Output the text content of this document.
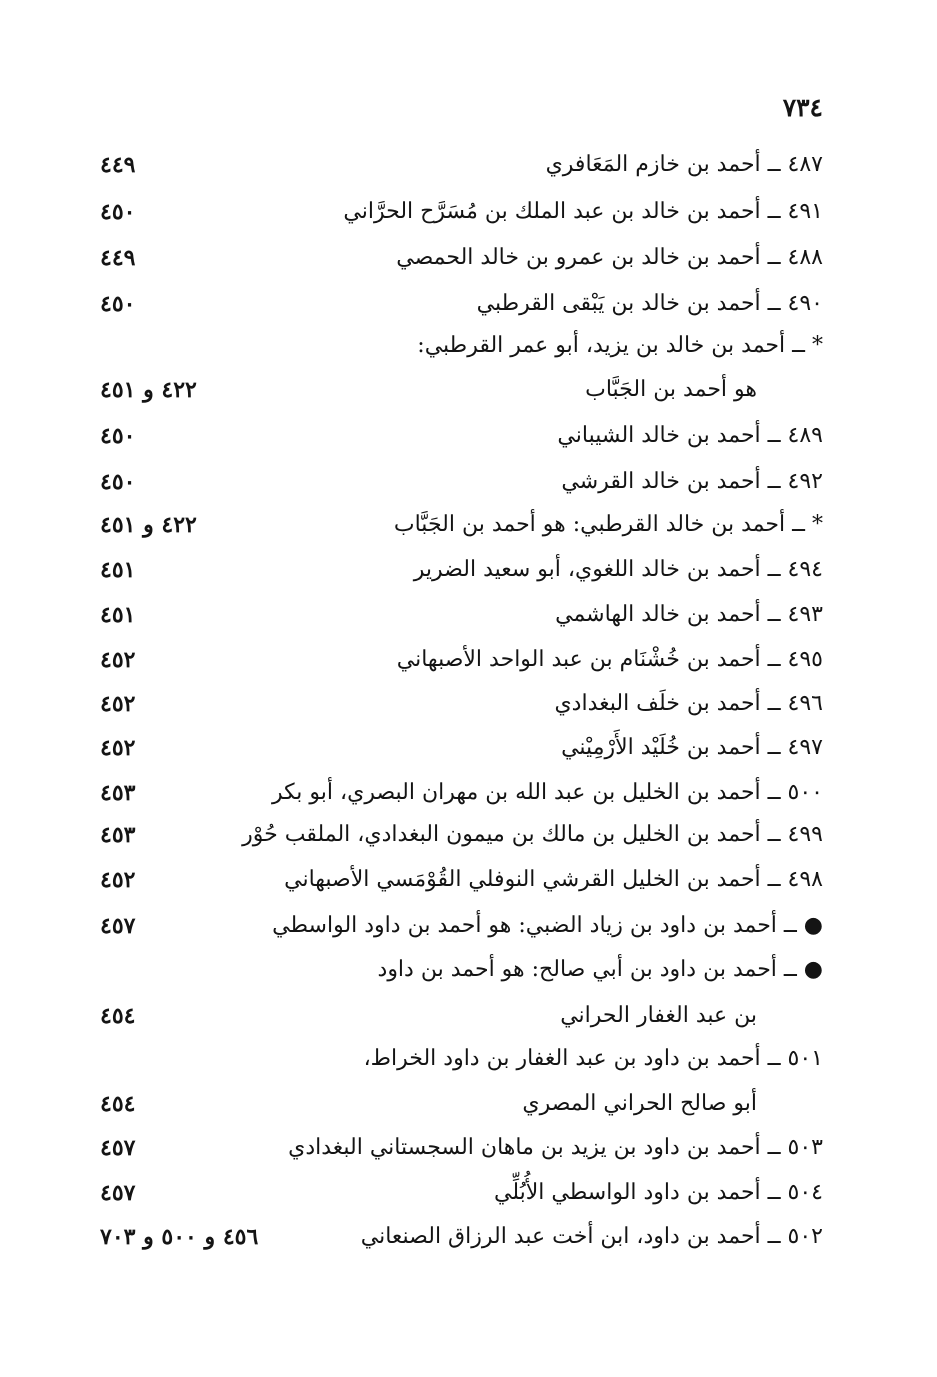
٧٣٤
٤٨٧ ــ أحمد بن خازم المَعَافري
٤٤٩
٤٩١ ــ أحمد بن خالد بن عبد الملك بن مُسَرَّح الحرَّاني
٤٥٠
٤٨٨ ــ أحمد بن خالد بن عمرو بن خالد الحمصي
٤٤٩
٤٩٠ ــ أحمد بن خالد بن يَبْقى القرطبي
٤٥٠
* ــ أحمد بن خالد بن يزيد، أبو عمر القرطبي:
هو أحمد بن الجَبَّاب
٤٢٢ و ٤٥١
٤٨٩ ــ أحمد بن خالد الشيباني
٤٥٠
٤٩٢ ــ أحمد بن خالد القرشي
٤٥٠
* ــ أحمد بن خالد القرطبي: هو أحمد بن الجَبَّاب
٤٢٢ و ٤٥١
٤٩٤ ــ أحمد بن خالد اللغوي، أبو سعيد الضرير
٤٥١
٤٩٣ ــ أحمد بن خالد الهاشمي
٤٥١
٤٩٥ ــ أحمد بن خُشْنَام بن عبد الواحد الأصبهاني
٤٥٢
٤٩٦ ــ أحمد بن خلَف البغدادي
٤٥٢
٤٩٧ ــ أحمد بن خُلَيْد الأَرْمِيْني
٤٥٢
٥٠٠ ــ أحمد بن الخليل بن عبد الله بن مهران البصري، أبو بكر
٤٥٣
٤٩٩ ــ أحمد بن الخليل بن مالك بن ميمون البغدادي، الملقب حُوْر
٤٥٣
٤٩٨ ــ أحمد بن الخليل القرشي النوفلي القُوْمَسي الأصبهاني
٤٥٢
● ــ أحمد بن داود بن زياد الضبي: هو أحمد بن داود الواسطي
٤٥٧
● ــ أحمد بن داود بن أبي صالح: هو أحمد بن داود
بن عبد الغفار الحراني
٤٥٤
٥٠١ ــ أحمد بن داود بن عبد الغفار بن داود الخراط،
أبو صالح الحراني المصري
٤٥٤
٥٠٣ ــ أحمد بن داود بن يزيد بن ماهان السجستاني البغدادي
٤٥٧
٥٠٤ ــ أحمد بن داود الواسطي الأُبُلِّي
٤٥٧
٥٠٢ ــ أحمد بن داود، ابن أخت عبد الرزاق الصنعاني
٤٥٦ و ٥٠٠ و ٧٠٣
